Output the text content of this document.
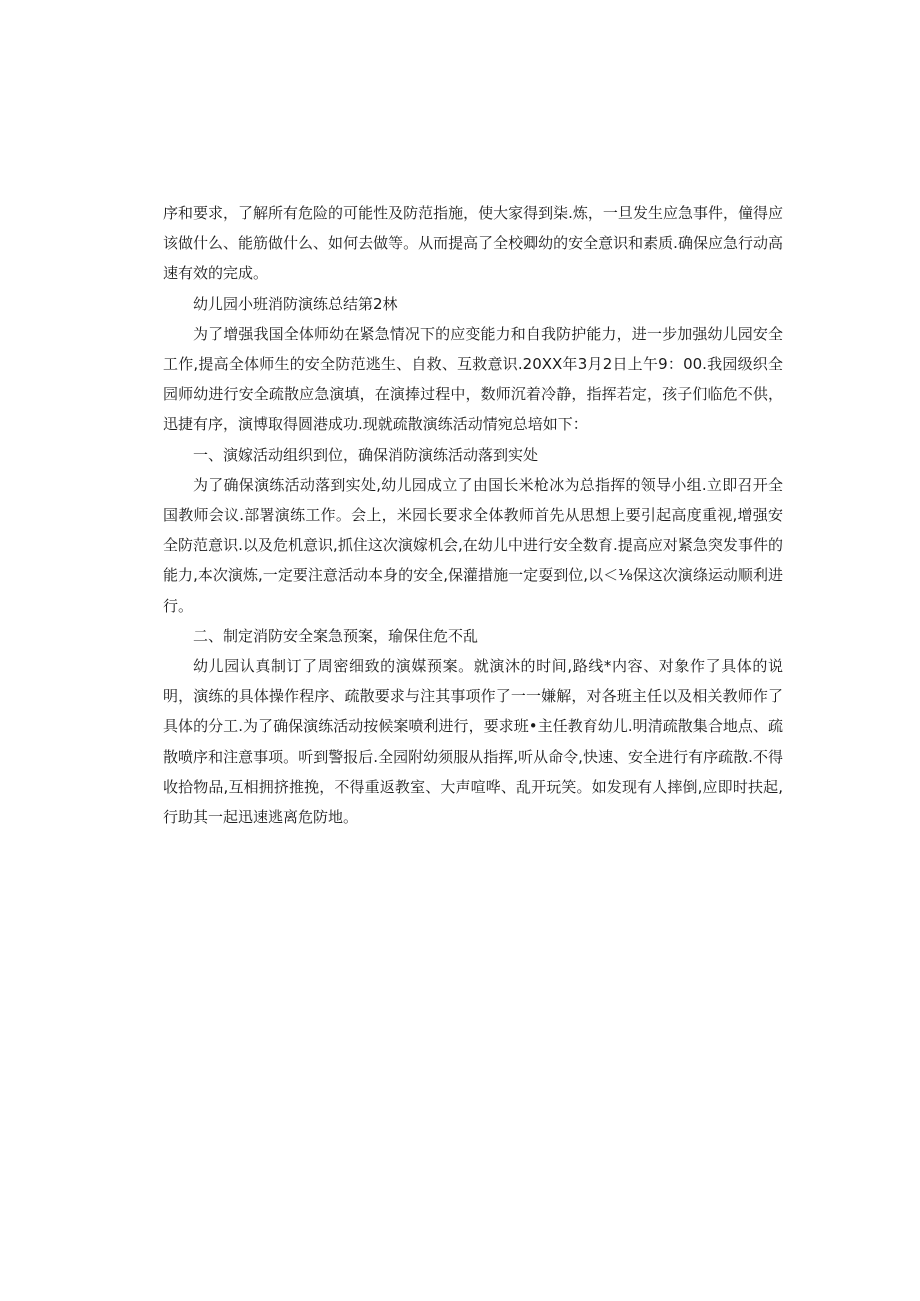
序和要求，了解所有危险的可能性及防范指施，使大家得到柒.炼，一旦发生应急事件，僮得应该做什么、能筋做什么、如何去做等。从而提高了全校卿幼的安全意识和素质.确保应急行动高速有效的完成。

幼儿园小班消防演练总结第2林

为了增强我国全体师幼在紧急情况下的应变能力和自我防护能力，进一步加强幼儿园安全工作,提高全体师生的安全防范逃生、自救、互救意识.20XX年3月2日上午9：00.我园级织全园师幼进行安全疏散应急演填，在演捧过程中，数师沉着冷静，指挥若定，孩子们临危不供，迅捷有序，演博取得圆港成功.现就疏散演练活动情宛总培如下：

一、演嫁活动组织到位，确保消防演练活动落到实处

为了确保演练活动落到实处,幼儿园成立了由国长米枪冰为总指挥的领导小组.立即召开全国教师会议.部署演练工作。会上，米园长要求全体教师首先从思想上要引起高度重视,增强安全防范意识.以及危机意识,抓住这次演嫁机会,在幼儿中进行安全数育.提高应对紧急突发事件的能力,本次演炼,一定要注意活动本身的安全,保灌措施一定耍到位,以＜⅛保这次演绦运动顺利进行。

二、制定消防安全案急预案，瑜保住危不乱

幼儿园认真制订了周密细致的演媒预案。就演沐的时间,路线*内容、对象作了具体的说明，演练的具体操作程序、疏散要求与注其事项作了一一嫌解，对各班主任以及相关教师作了具体的分工.为了确保演练活动按候案喷利进行，要求班•主任教育幼儿.明清疏散集合地点、疏散喷序和注意事项。听到警报后.全园附幼须服从指挥,听从命令,快速、安全进行有序疏散.不得收拾物品,互相拥挤推挽，不得重返教室、大声喧哗、乱开玩笑。如发现有人摔倒,应即时扶起,行助其一起迅速逃离危防地。
